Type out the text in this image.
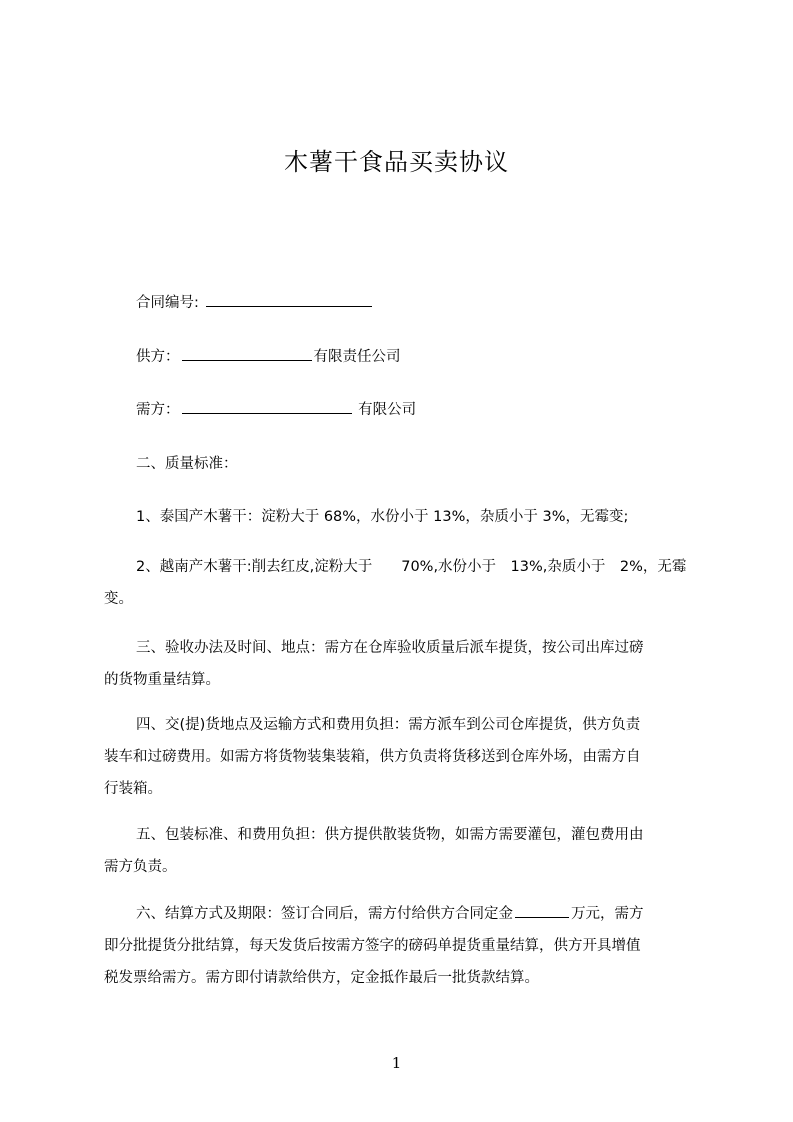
木薯干食品买卖协议
合同编号:
供方：	有限责任公司
需方：	有限公司
二、质量标准：
1、泰国产木薯干：淀粉大于 68%，水份小于 13%，杂质小于 3%，无霉变;
2、越南产木薯干:削去红皮,淀粉大于　　70%,水份小于　13%,杂质小于　2%，无霉
变。
三、验收办法及时间、地点：需方在仓库验收质量后派车提货，按公司出库过磅
的货物重量结算。
四、交(提)货地点及运输方式和费用负担：需方派车到公司仓库提货，供方负责
装车和过磅费用。如需方将货物装集装箱，供方负责将货移送到仓库外场，由需方自
行装箱。
五、包装标准、和费用负担：供方提供散装货物，如需方需要灌包，灌包费用由
需方负责。
六、结算方式及期限：签订合同后，需方付给供方合同定金	万元，需方
即分批提货分批结算，每天发货后按需方签字的磅码单提货重量结算，供方开具增值
税发票给需方。需方即付请款给供方，定金抵作最后一批货款结算。
1
